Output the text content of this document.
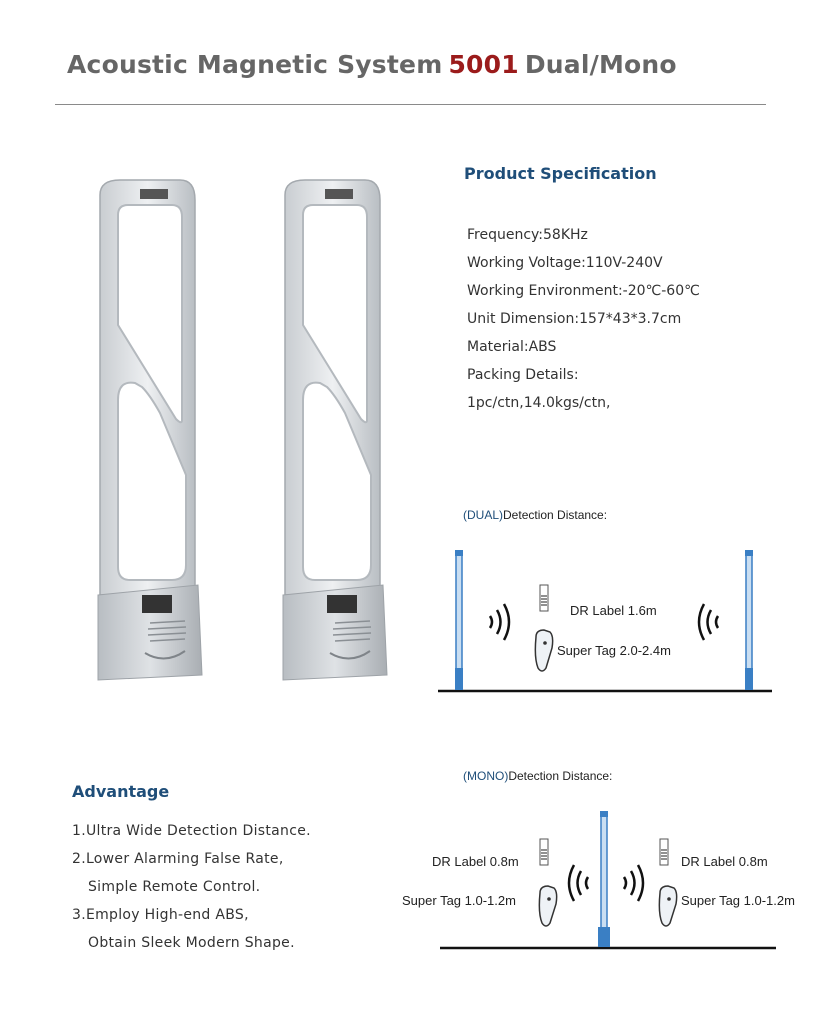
Acoustic Magnetic System 5001 Dual/Mono
Product Specification
Frequency:58KHz
Working Voltage:110V-240V
Working Environment:-20℃-60℃
Unit Dimension:157*43*3.7cm
Material:ABS
Packing Details:
1pc/ctn,14.0kgs/ctn,
(DUAL)Detection Distance:
DR Label 1.6m
Super Tag 2.0-2.4m
Advantage
1.Ultra Wide Detection Distance.
2.Lower Alarming False Rate,
Simple Remote Control.
3.Employ High-end ABS,
Obtain Sleek Modern Shape.
(MONO)Detection Distance:
DR Label 0.8m
Super Tag 1.0-1.2m
DR Label 0.8m
Super Tag 1.0-1.2m
